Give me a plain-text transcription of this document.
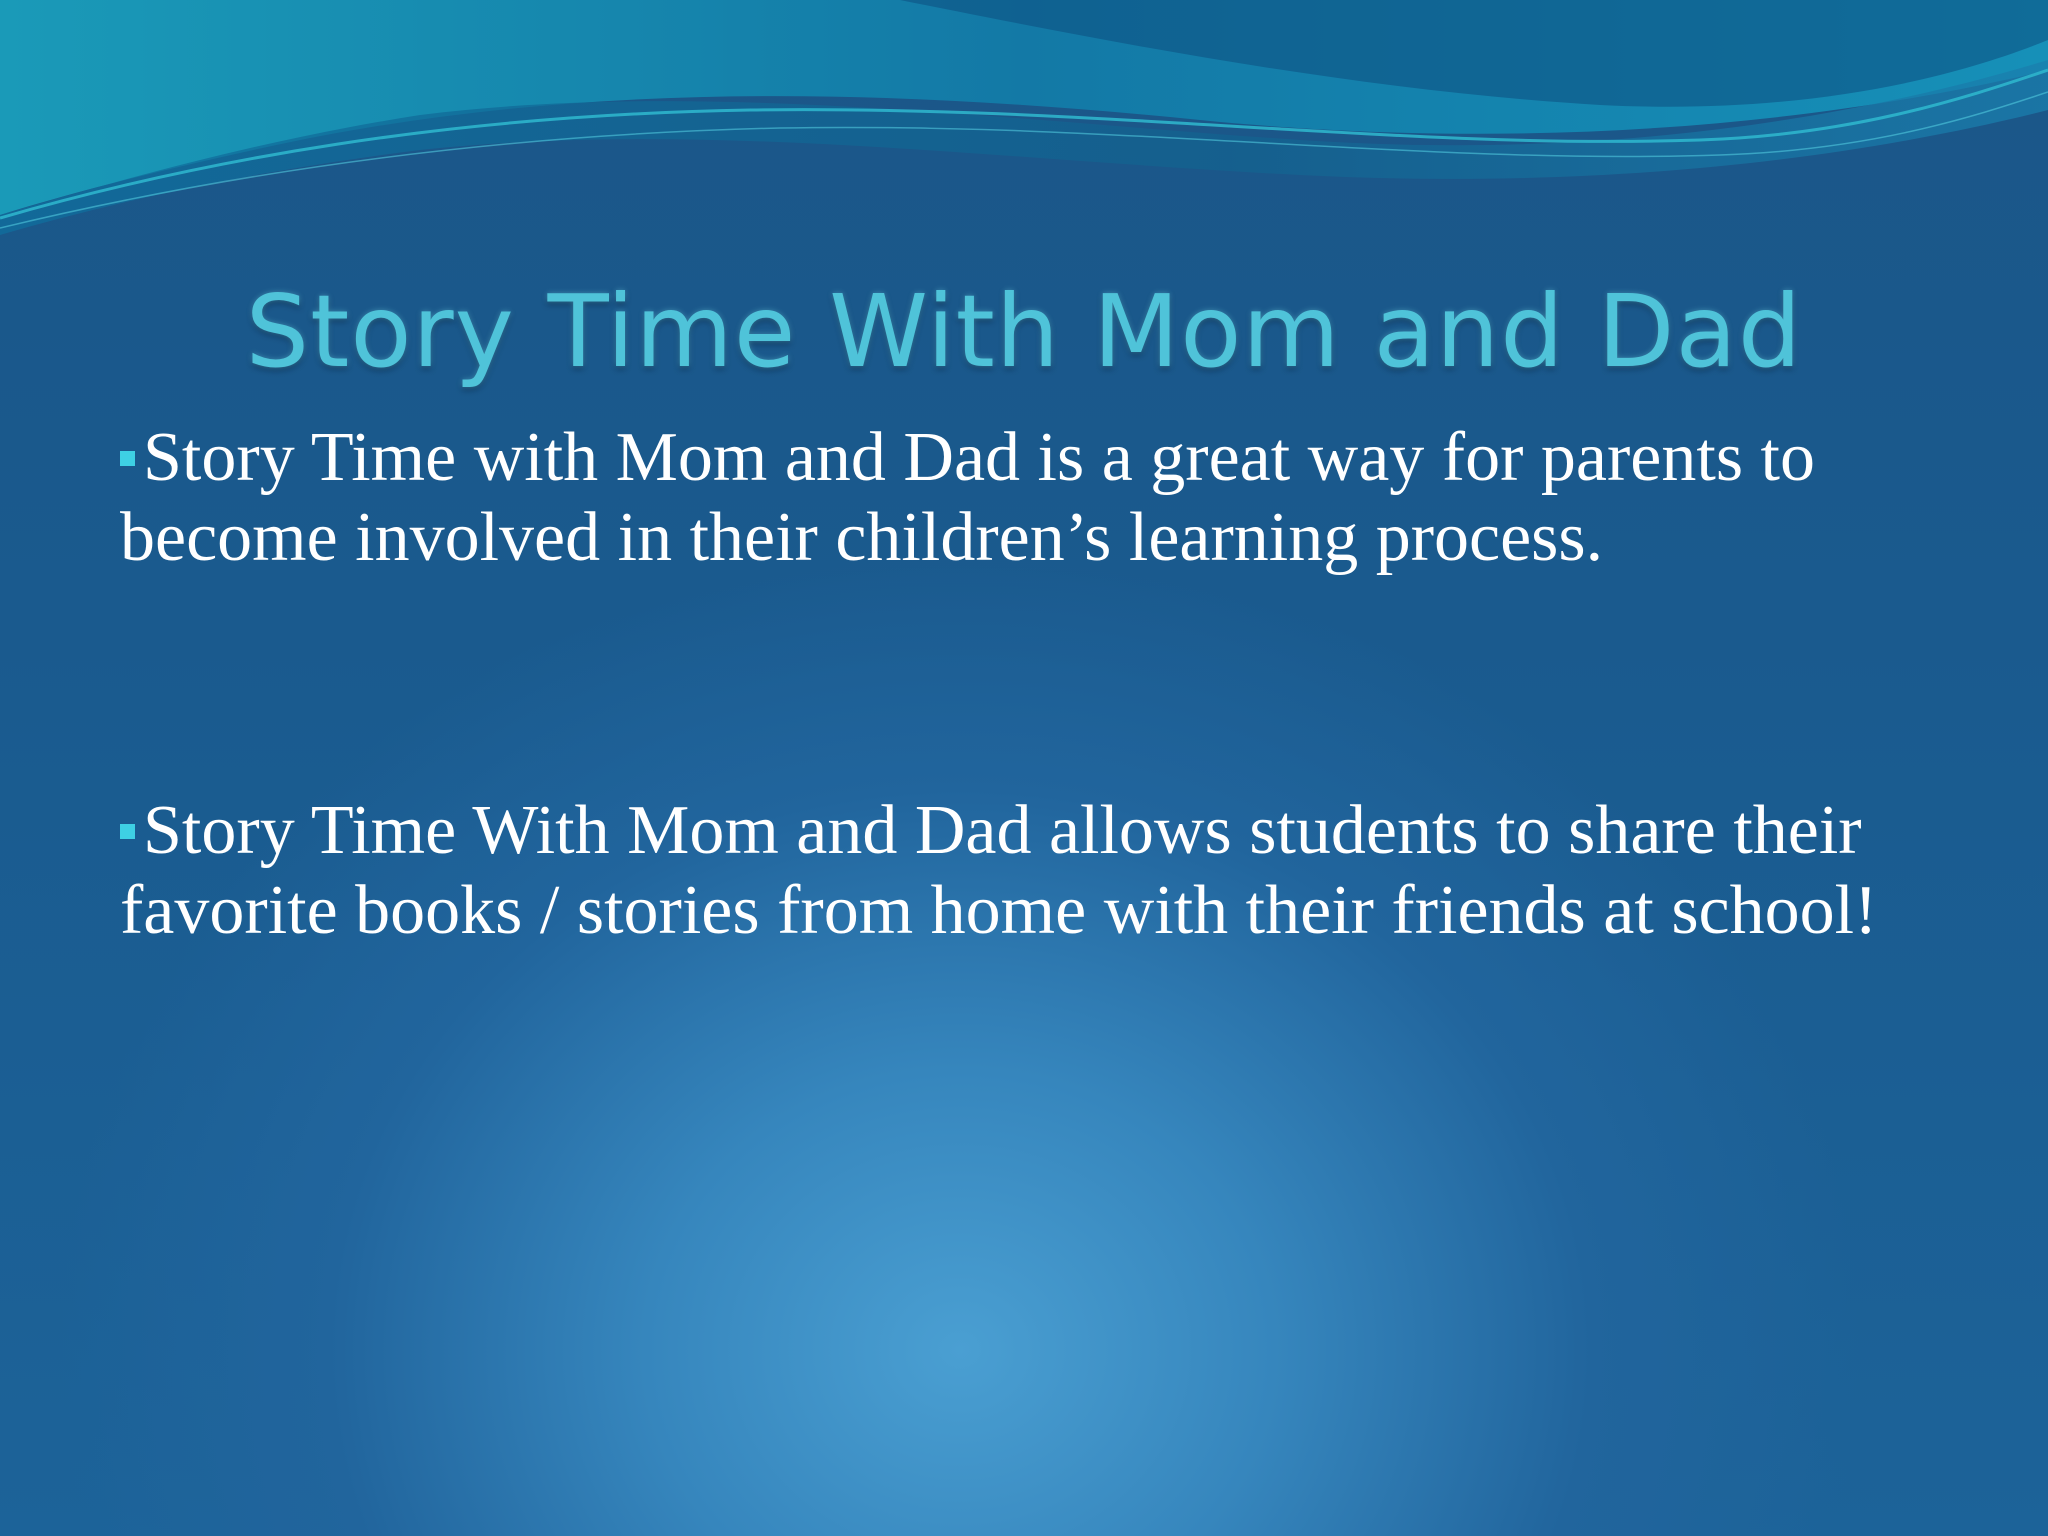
Story Time With Mom and Dad

Story Time with Mom and Dad is a great way for parents to become involved in their children’s learning process.

Story Time With Mom and Dad allows students to share their favorite books / stories from home with their friends at school!
